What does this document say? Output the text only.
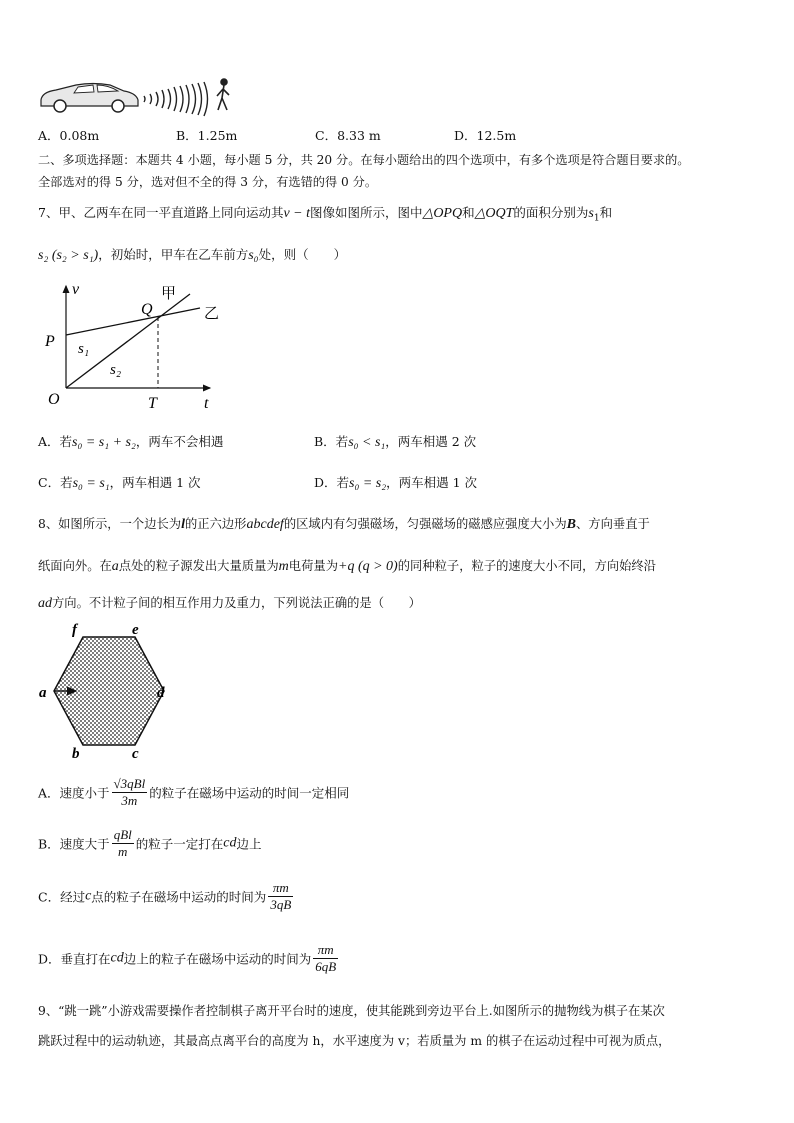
A．0.08m	B．1.25m	C．8.33 m	D．12.5m
二、多项选择题：本题共 4 小题，每小题 5 分，共 20 分。在每小题给出的四个选项中，有多个选项是符合题目要求的。
全部选对的得 5 分，选对但不全的得 3 分，有选错的得 0 分。
7、甲、乙两车在同一平直道路上同向运动其v − t图像如图所示，图中△OPQ和△OQT的面积分别为$s_1$和
s₂ (s₂ > s₁)，初始时，甲车在乙车前方s₀处，则（　　）
v
t
O
P
Q
T
甲
乙
s₁
s₂
A．若s₀ = s₁ + s₂，两车不会相遇	B．若s₀ < s₁，两车相遇 2 次
C．若s₀ = s₁，两车相遇 1 次	D．若s₀ = s₂，两车相遇 1 次
8、如图所示，一个边长为l的正六边形abcdef的区域内有匀强磁场，匀强磁场的磁感应强度大小为B、方向垂直于
纸面向外。在a点处的粒子源发出大量质量为m电荷量为+q (q > 0)的同种粒子，粒子的速度大小不同，方向始终沿
ad方向。不计粒子间的相互作用力及重力，下列说法正确的是（　　）
a
b	c
d
e
f
A．速度小于 $\frac{\text{√3qBl}}{3m}$ 的粒子在磁场中运动的时间一定相同
B．速度大于 $\frac{\text{qBl}}{m}$ 的粒子一定打在cd边上
C．经过c点的粒子在磁场中运动的时间为 $\frac{\pi m}{3qB}$
D．垂直打在cd边上的粒子在磁场中运动的时间为 $\frac{\pi m}{6qB}$
9、“跳一跳”小游戏需要操作者控制棋子离开平台时的速度，使其能跳到旁边平台上.如图所示的抛物线为棋子在某次
跳跃过程中的运动轨迹，其最高点离平台的高度为 h，水平速度为 v；若质量为 m 的棋子在运动过程中可视为质点，
